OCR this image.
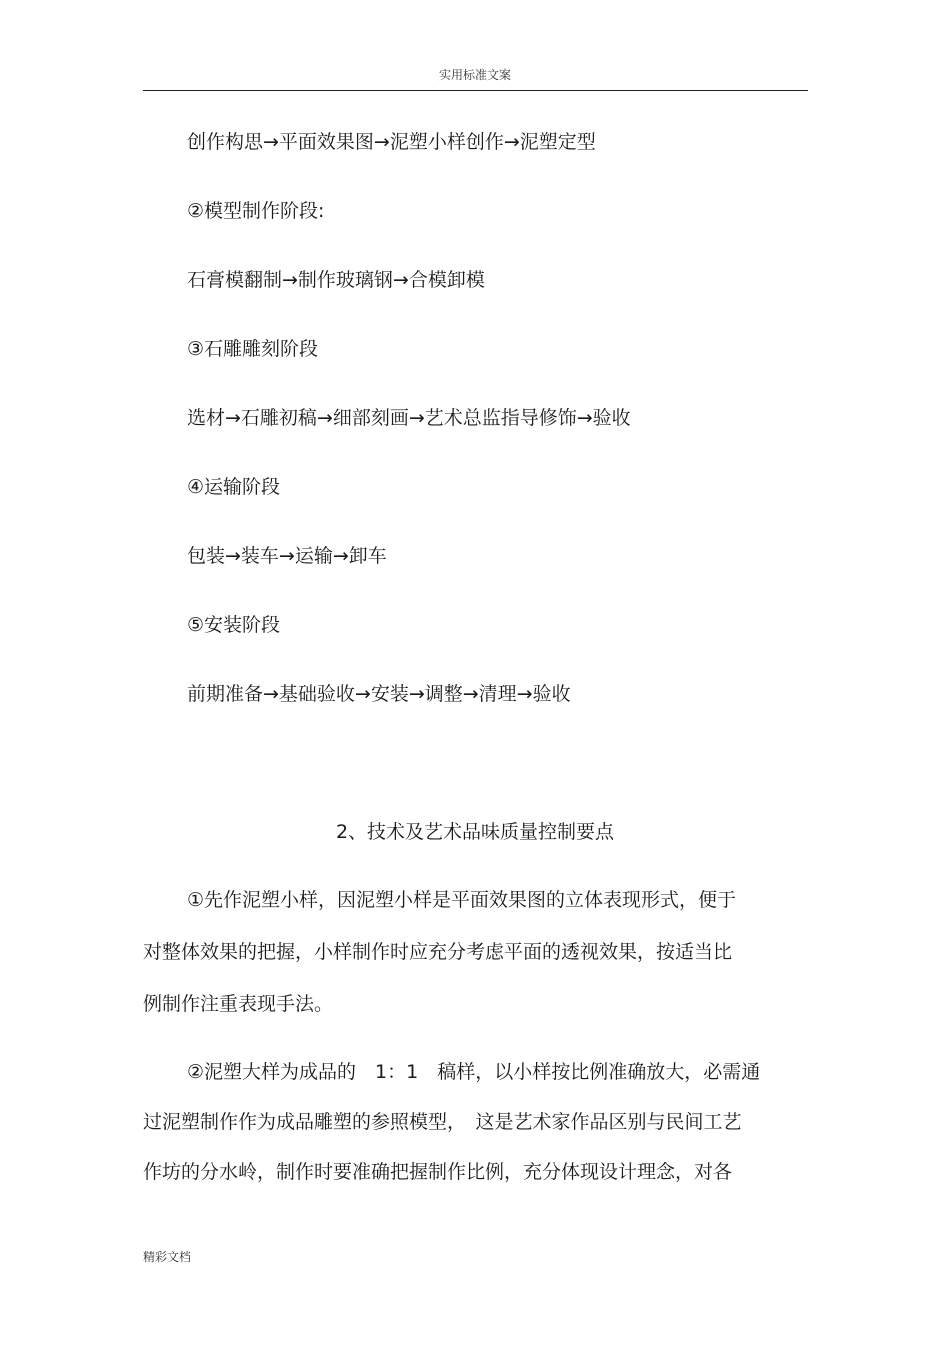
实用标准文案
创作构思→平面效果图→泥塑小样创作→泥塑定型
②模型制作阶段:
石膏模翻制→制作玻璃钢→合模卸模
③石雕雕刻阶段
选材→石雕初稿→细部刻画→艺术总监指导修饰→验收
④运输阶段
包装→装车→运输→卸车
⑤安装阶段
前期准备→基础验收→安装→调整→清理→验收
2、技术及艺术品味质量控制要点
①先作泥塑小样，因泥塑小样是平面效果图的立体表现形式，便于
对整体效果的把握，小样制作时应充分考虑平面的透视效果，按适当比
例制作注重表现手法。
②泥塑大样为成品的　1：1　稿样，以小样按比例准确放大，必需通
过泥塑制作作为成品雕塑的参照模型，　这是艺术家作品区别与民间工艺
作坊的分水岭，制作时要准确把握制作比例，充分体现设计理念，对各
精彩文档
